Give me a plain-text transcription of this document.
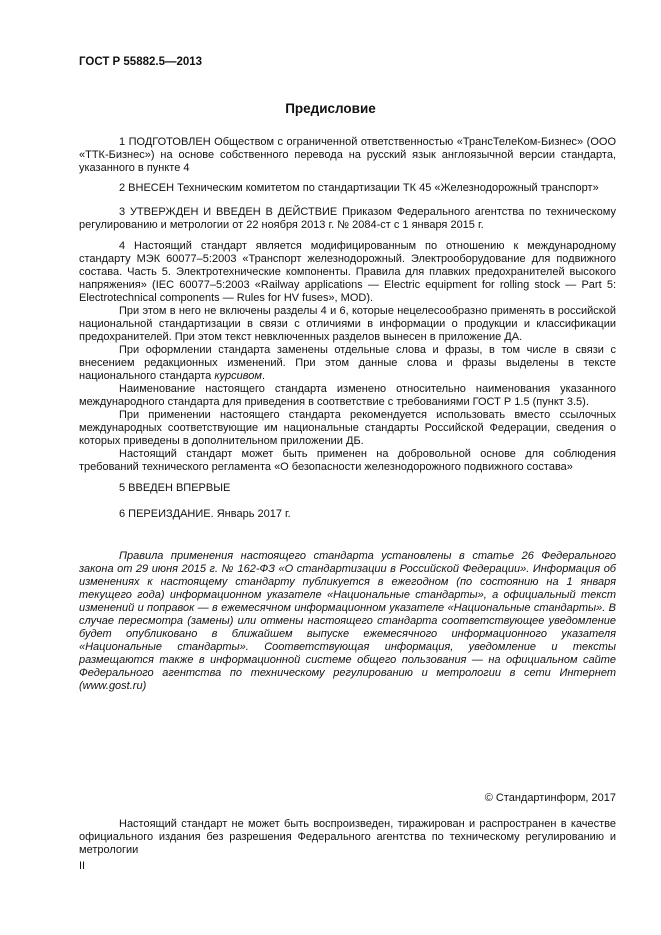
ГОСТ Р 55882.5—2013
Предисловие
1 ПОДГОТОВЛЕН Обществом с ограниченной ответственностью «ТрансТелеКом-Бизнес» (ООО «ТТК-Бизнес») на основе собственного перевода на русский язык англоязычной версии стандарта, указанного в пункте 4
2 ВНЕСЕН Техническим комитетом по стандартизации ТК 45 «Железнодорожный транспорт»
3 УТВЕРЖДЕН И ВВЕДЕН В ДЕЙСТВИЕ Приказом Федерального агентства по техническому регулированию и метрологии от 22 ноября 2013 г. № 2084-ст с 1 января 2015 г.

4 Настоящий стандарт является модифицированным по отношению к международному стандарту МЭК 60077–5:2003 «Транспорт железнодорожный. Электрооборудование для подвижного состава. Часть 5. Электротехнические компоненты. Правила для плавких предохранителей высокого напряжения» (IEC 60077–5:2003 «Railway applications — Electric equipment for rolling stock — Part 5: Electrotechnical components — Rules for HV fuses», MOD).

При этом в него не включены разделы 4 и 6, которые нецелесообразно применять в российской национальной стандартизации в связи с отличиями в информации о продукции и классификации предохранителей. При этом текст невключенных разделов вынесен в приложение ДА.

При оформлении стандарта заменены отдельные слова и фразы, в том числе в связи с внесением редакционных изменений. При этом данные слова и фразы выделены в тексте национального стандарта курсивом.

Наименование настоящего стандарта изменено относительно наименования указанного международного стандарта для приведения в соответствие с требованиями ГОСТ Р 1.5 (пункт 3.5).

При применении настоящего стандарта рекомендуется использовать вместо ссылочных международных соответствующие им национальные стандарты Российской Федерации, сведения о которых приведены в дополнительном приложении ДБ.

Настоящий стандарт может быть применен на добровольной основе для соблюдения требований технического регламента «О безопасности железнодорожного подвижного состава»

5 ВВЕДЕН ВПЕРВЫЕ
6 ПЕРЕИЗДАНИЕ. Январь 2017 г.
Правила применения настоящего стандарта установлены в статье 26 Федерального закона от 29 июня 2015 г. № 162-ФЗ «О стандартизации в Российской Федерации». Информация об изменениях к настоящему стандарту публикуется в ежегодном (по состоянию на 1 января текущего года) информационном указателе «Национальные стандарты», а официальный текст изменений и поправок — в ежемесячном информационном указателе «Национальные стандарты». В случае пересмотра (замены) или отмены настоящего стандарта соответствующее уведомление будет опубликовано в ближайшем выпуске ежемесячного информационного указателя «Национальные стандарты». Соответствующая информация, уведомление и тексты размещаются также в информационной системе общего пользования — на официальном сайте Федерального агентства по техническому регулированию и метрологии в сети Интернет (www.gost.ru)
© Стандартинформ, 2017
Настоящий стандарт не может быть воспроизведен, тиражирован и распространен в качестве официального издания без разрешения Федерального агентства по техническому регулированию и метрологии
II
